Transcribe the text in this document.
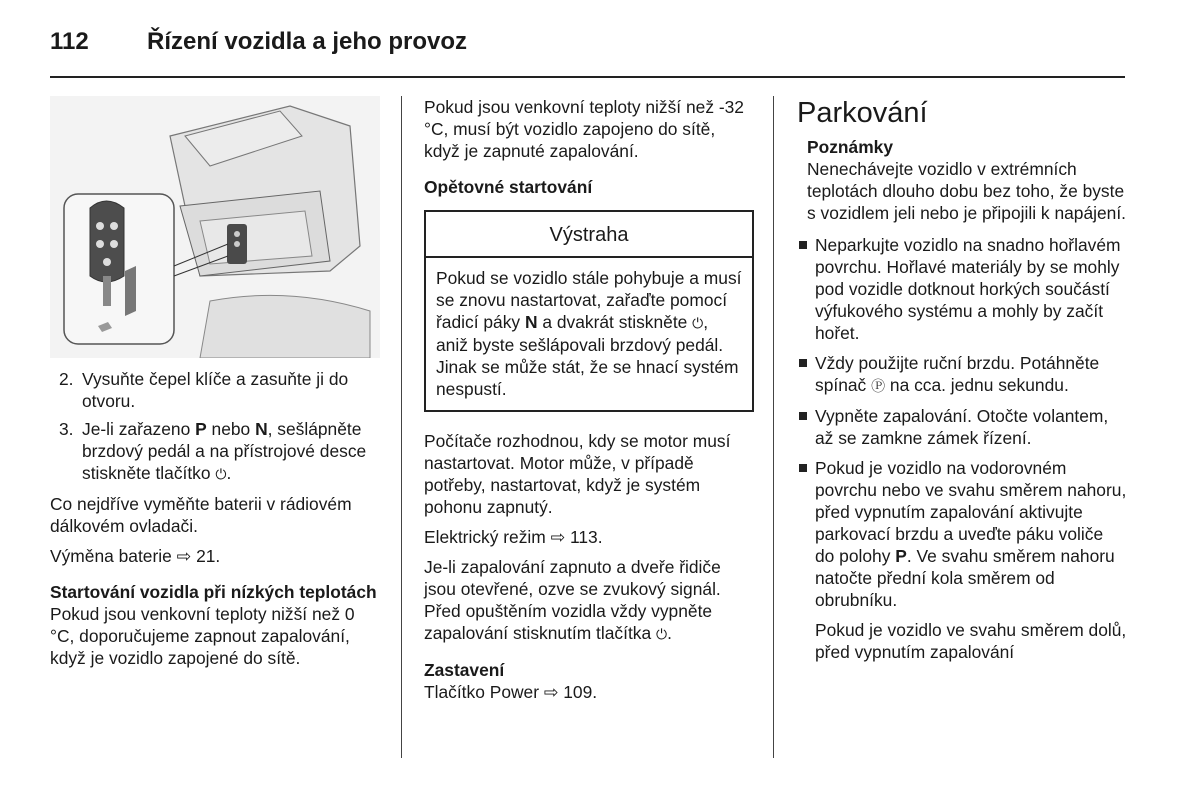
112 Řízení vozidla a jeho provoz
2. Vysuňte čepel klíče a zasuňte ji do otvoru.
3. Je-li zařazeno P nebo N, sešlápněte brzdový pedál a na přístrojové desce stiskněte tlačítko ⏻.

Co nejdříve vyměňte baterii v rádiovém dálkovém ovladači.

Výměna baterie ⇨ 21.

Startování vozidla při nízkých teplotách

Pokud jsou venkovní teploty nižší než 0 °C, doporučujeme zapnout zapalování, když je vozidlo zapojené do sítě.

Pokud jsou venkovní teploty nižší než -32 °C, musí být vozidlo zapojeno do sítě, když je zapnuté zapalování.

Opětovné startování
Výstraha
Pokud se vozidlo stále pohybuje a musí se znovu nastartovat, zařaďte pomocí řadicí páky N a dvakrát stiskněte ⏻, aniž byste sešlápovali brzdový pedál. Jinak se může stát, že se hnací systém nespustí.

Počítače rozhodnou, kdy se motor musí nastartovat. Motor může, v případě potřeby, nastartovat, když je systém pohonu zapnutý.

Elektrický režim ⇨ 113.

Je-li zapalování zapnuto a dveře řidiče jsou otevřené, ozve se zvukový signál. Před opuštěním vozidla vždy vypněte zapalování stisknutím tlačítka ⏻.

Zastavení

Tlačítko Power ⇨ 109.

Parkování
Poznámky
Nenechávejte vozidlo v extrémních teplotách dlouho dobu bez toho, že byste s vozidlem jeli nebo je připojili k napájení.
Neparkujte vozidlo na snadno hořlavém povrchu. Hořlavé materiály by se mohly pod vozidle dotknout horkých součástí výfukového systému a mohly by začít hořet.
Vždy použijte ruční brzdu. Potáhněte spínač Ⓟ na cca. jednu sekundu.
Vypněte zapalování. Otočte volantem, až se zamkne zámek řízení.
Pokud je vozidlo na vodorovném povrchu nebo ve svahu směrem nahoru, před vypnutím zapalování aktivujte parkovací brzdu a uveďte páku voliče do polohy P. Ve svahu směrem nahoru natočte přední kola směrem od obrubníku.
Pokud je vozidlo ve svahu směrem dolů, před vypnutím zapalování
